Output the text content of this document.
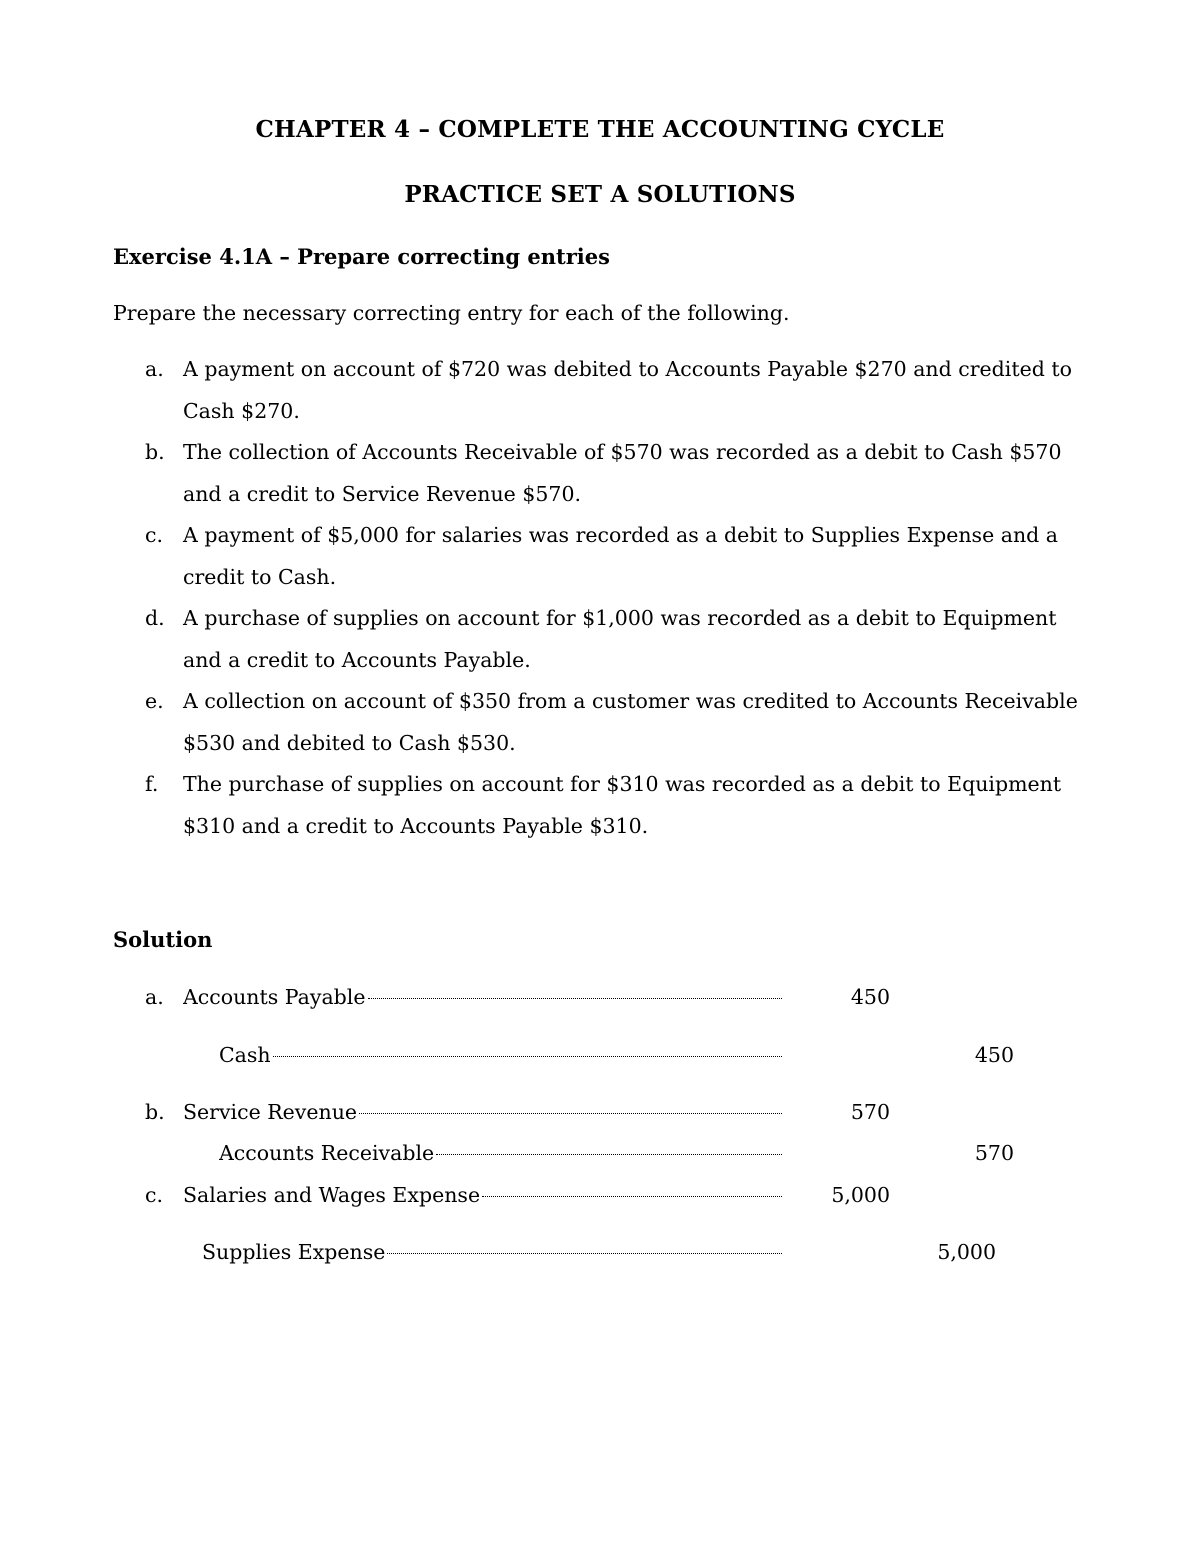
CHAPTER 4 – COMPLETE THE ACCOUNTING CYCLE
PRACTICE SET A SOLUTIONS
Exercise 4.1A – Prepare correcting entries
Prepare the necessary correcting entry for each of the following.
a. A payment on account of $720 was debited to Accounts Payable $270 and credited to Cash $270.
b. The collection of Accounts Receivable of $570 was recorded as a debit to Cash $570 and a credit to Service Revenue $570.
c. A payment of $5,000 for salaries was recorded as a debit to Supplies Expense and a credit to Cash.
d. A purchase of supplies on account for $1,000 was recorded as a debit to Equipment and a credit to Accounts Payable.
e. A collection on account of $350 from a customer was credited to Accounts Receivable $530 and debited to Cash $530.
f. The purchase of supplies on account for $310 was recorded as a debit to Equipment $310 and a credit to Accounts Payable $310.
Solution
a. Accounts Payable	450
Cash	450
b. Service Revenue	570
Accounts Receivable	570
c. Salaries and Wages Expense	5,000
Supplies Expense	5,000
